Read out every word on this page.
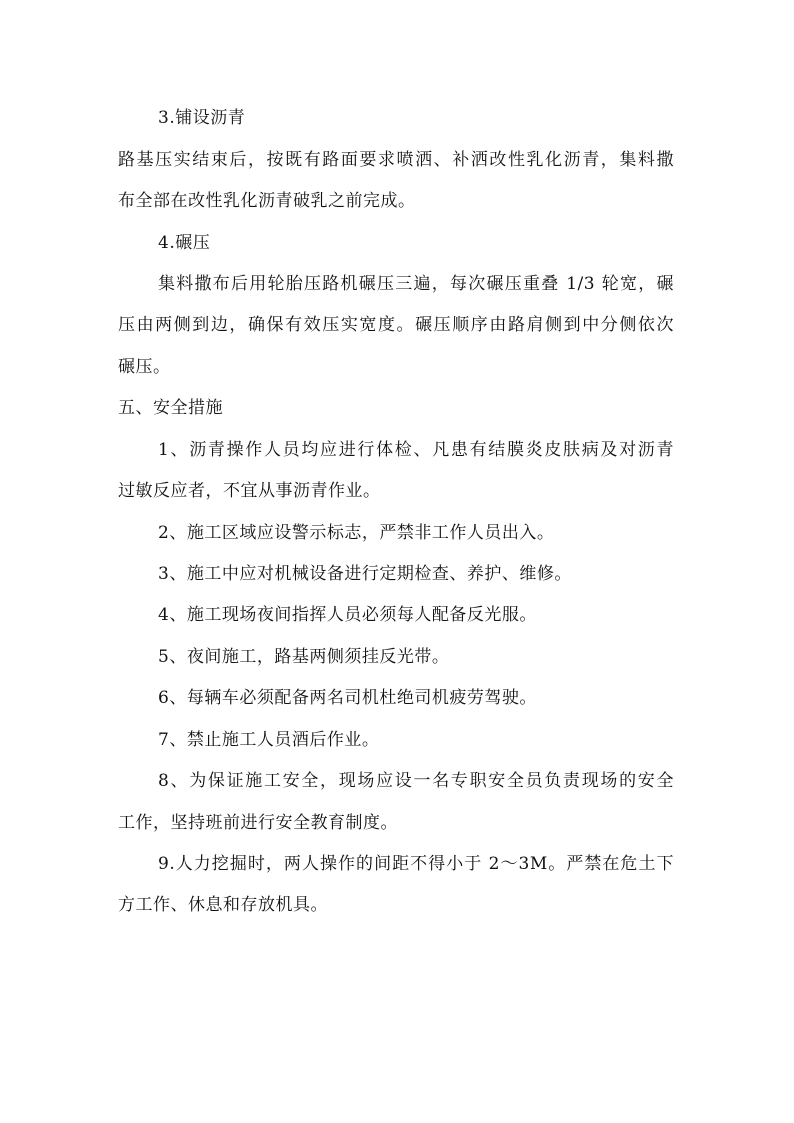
3.铺设沥青
路基压实结束后，按既有路面要求喷洒、补洒改性乳化沥青，集料撒
布全部在改性乳化沥青破乳之前完成。
4.碾压
集料撒布后用轮胎压路机碾压三遍，每次碾压重叠 1/3 轮宽，碾
压由两侧到边，确保有效压实宽度。碾压顺序由路肩侧到中分侧依次
碾压。
五、安全措施
1、沥青操作人员均应进行体检、凡患有结膜炎皮肤病及对沥青
过敏反应者，不宜从事沥青作业。
2、施工区域应设警示标志，严禁非工作人员出入。
3、施工中应对机械设备进行定期检查、养护、维修。
4、施工现场夜间指挥人员必须每人配备反光服。
5、夜间施工，路基两侧须挂反光带。
6、每辆车必须配备两名司机杜绝司机疲劳驾驶。
7、禁止施工人员酒后作业。
8、为保证施工安全，现场应设一名专职安全员负责现场的安全
工作，坚持班前进行安全教育制度。
9.人力挖掘时，两人操作的间距不得小于 2～3M。严禁在危土下
方工作、休息和存放机具。
